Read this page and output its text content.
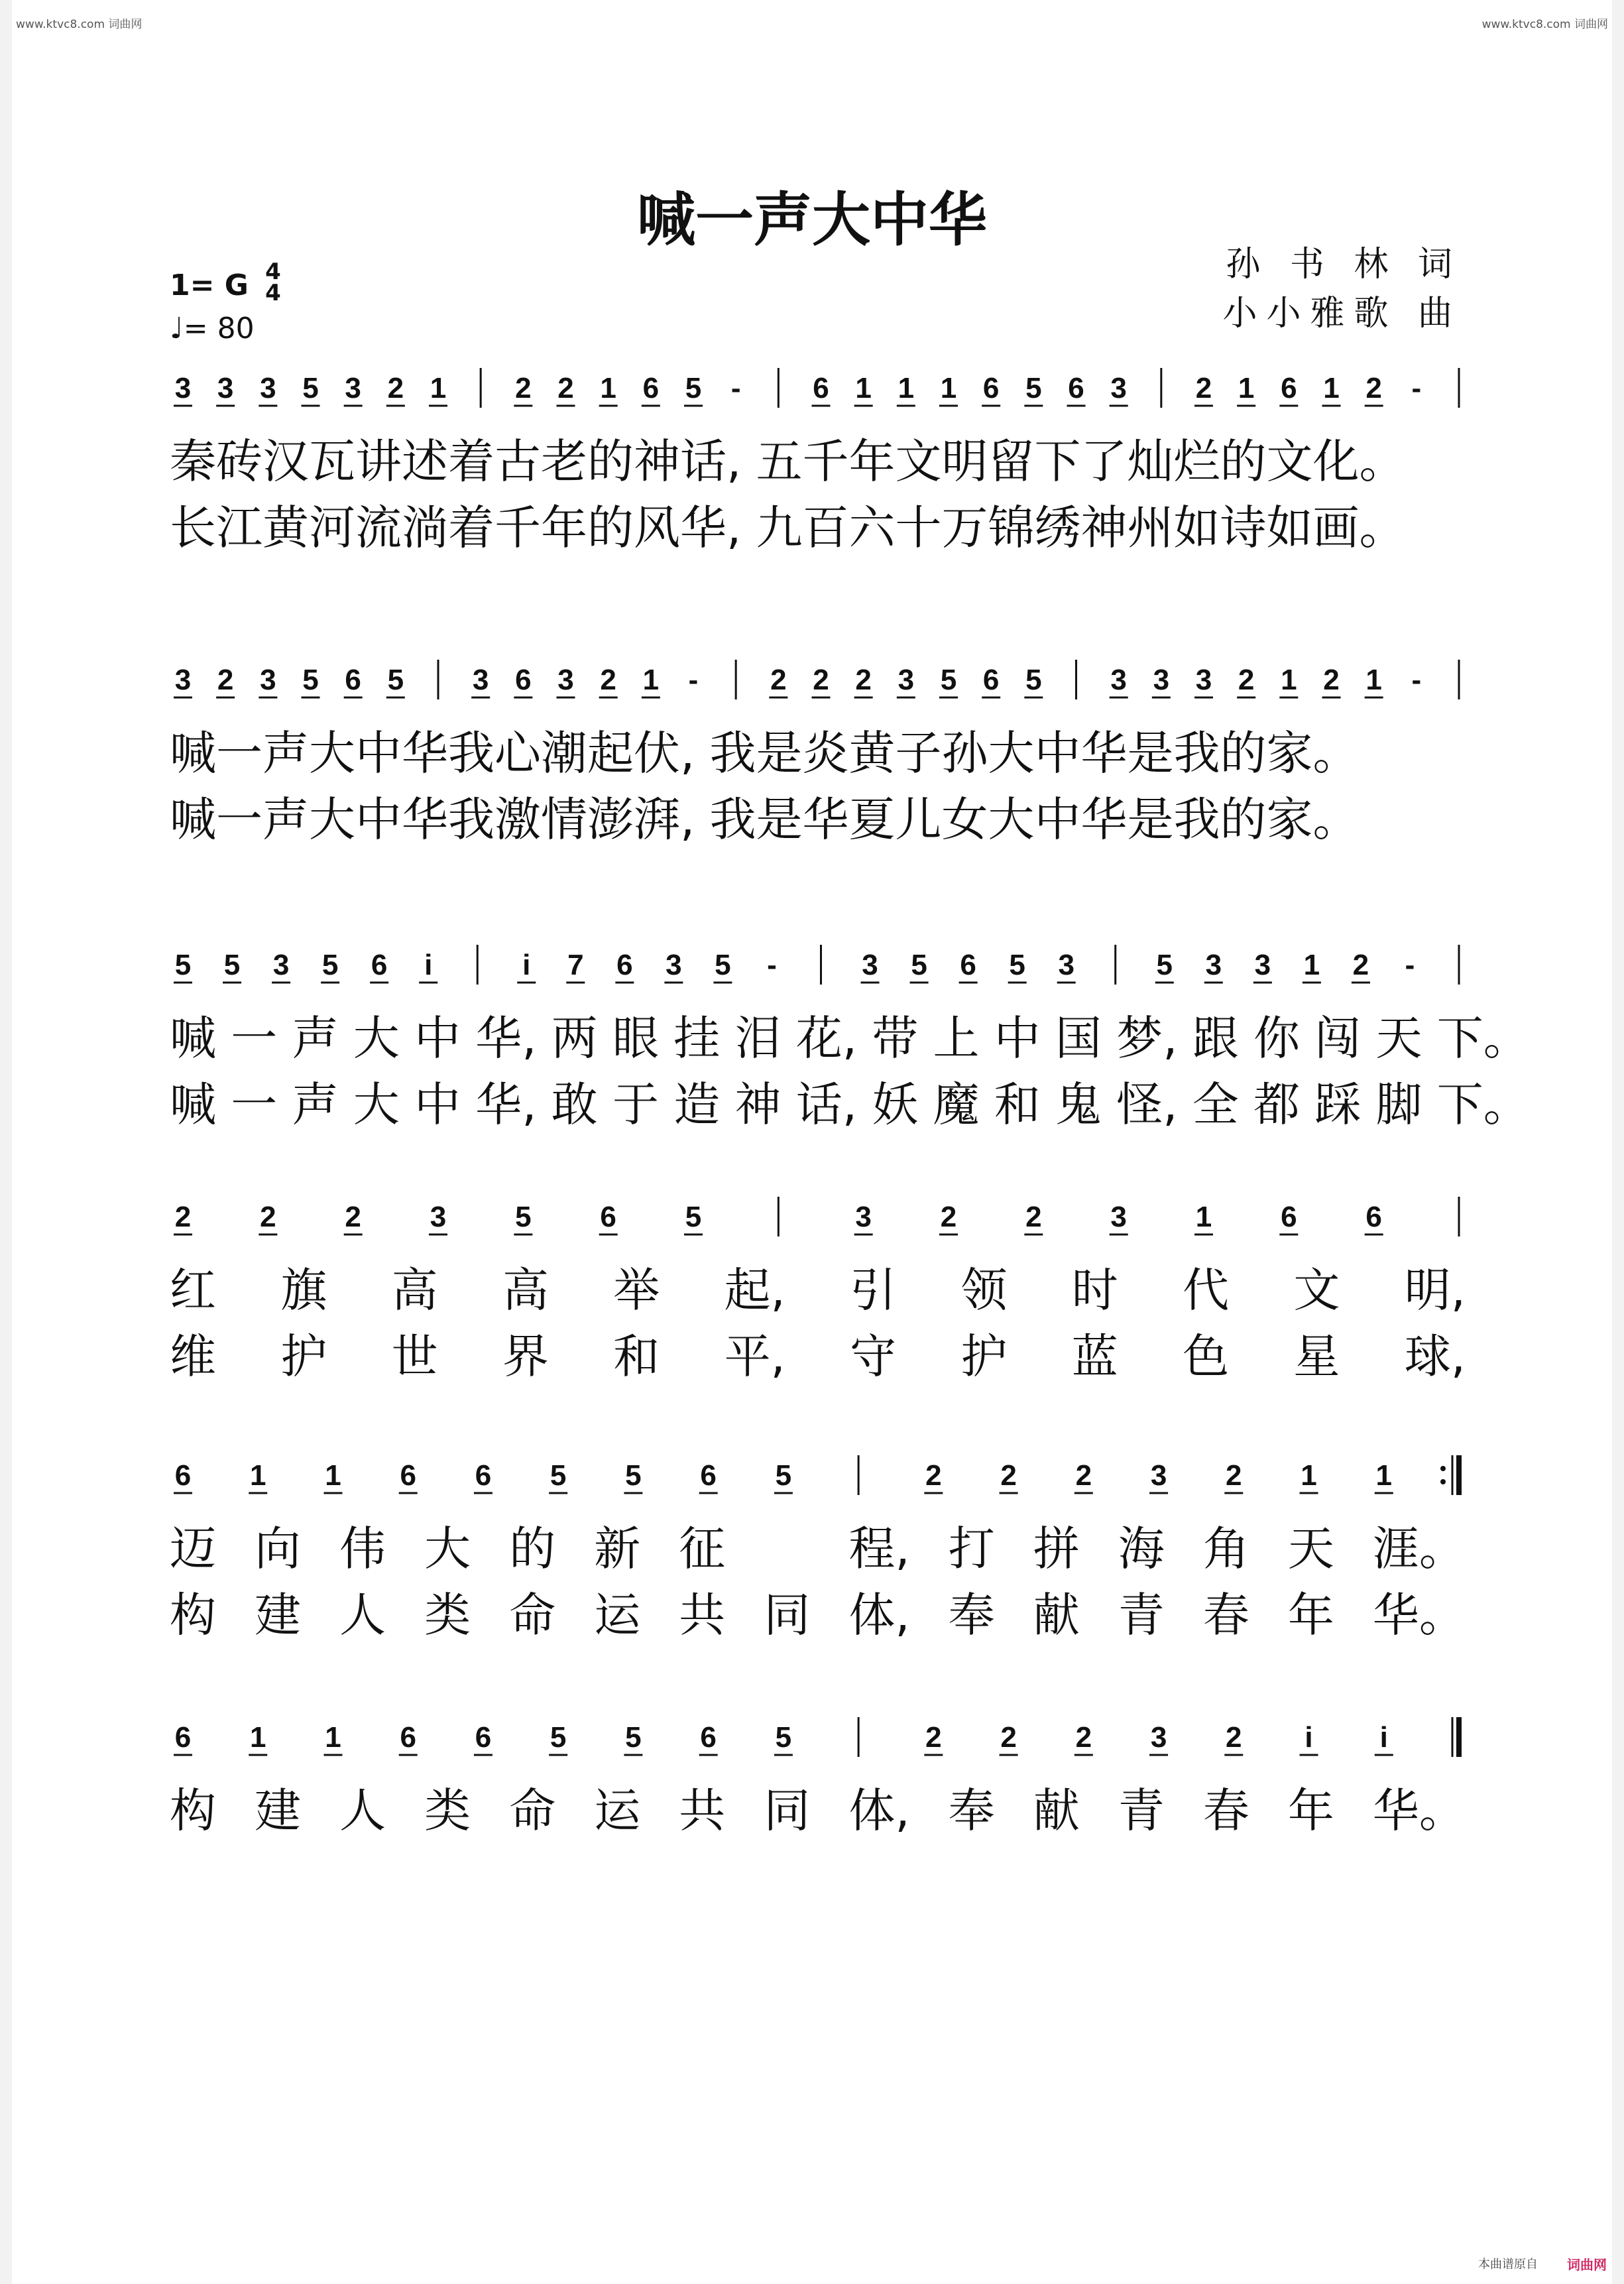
www.ktvc8.com 词曲网	www.ktvc8.com 词曲网
喊一声大中华
1= G 4
4
♩= 80
孙 书 林 词
小小雅歌 曲
3 3 3 5 3 2 1 2 2 1 6 5 - 6 1 1 1 6 5 6 3 2 1 6 1 2 -
秦砖汉瓦讲述着古老的神话, 五千年文明留下了灿烂的文化。
长江黄河流淌着千年的风华, 九百六十万锦绣神州如诗如画。
3 2 3 5 6 5 3 6 3 2 1 - 2 2 2 3 5 6 5 3 3 3 2 1 2 1 -
喊一声大中华我心潮起伏, 我是炎黄子孙大中华是我的家。
喊一声大中华我激情澎湃, 我是华夏儿女大中华是我的家。
5 5 3 5 6 i	i 7 6 3 5 -	3 5 6 5 3	5 3 3 1 2 -
喊 一 声 大 中 华, 两 眼 挂 泪 花, 带 上 中 国 梦, 跟 你 闯 天 下。
喊 一 声 大 中 华, 敢 于 造 神 话, 妖 魔 和 鬼 怪, 全 都 踩 脚 下。
2 2 2 3 5 6 5	3 2 2 3 1 6 6
红 旗 高 高 举 起, 引 领 时 代 文 明,
维 护 世 界 和 平, 守 护 蓝 色 星 球,
6 1 1 6 6 5 5 6 5	2 2 2 3 2 1 1
迈 向 伟 大 的 新 征
　	程, 打 拼 海 角 天 涯。
构 建 人 类 命 运 共 同 体, 奉 献 青 春 年 华。
6 1 1 6 6 5 5 6 5	2 2 2 3 2 i i
构 建 人 类 命 运 共 同 体, 奉 献 青 春 年 华。
本曲谱原自 词曲网
